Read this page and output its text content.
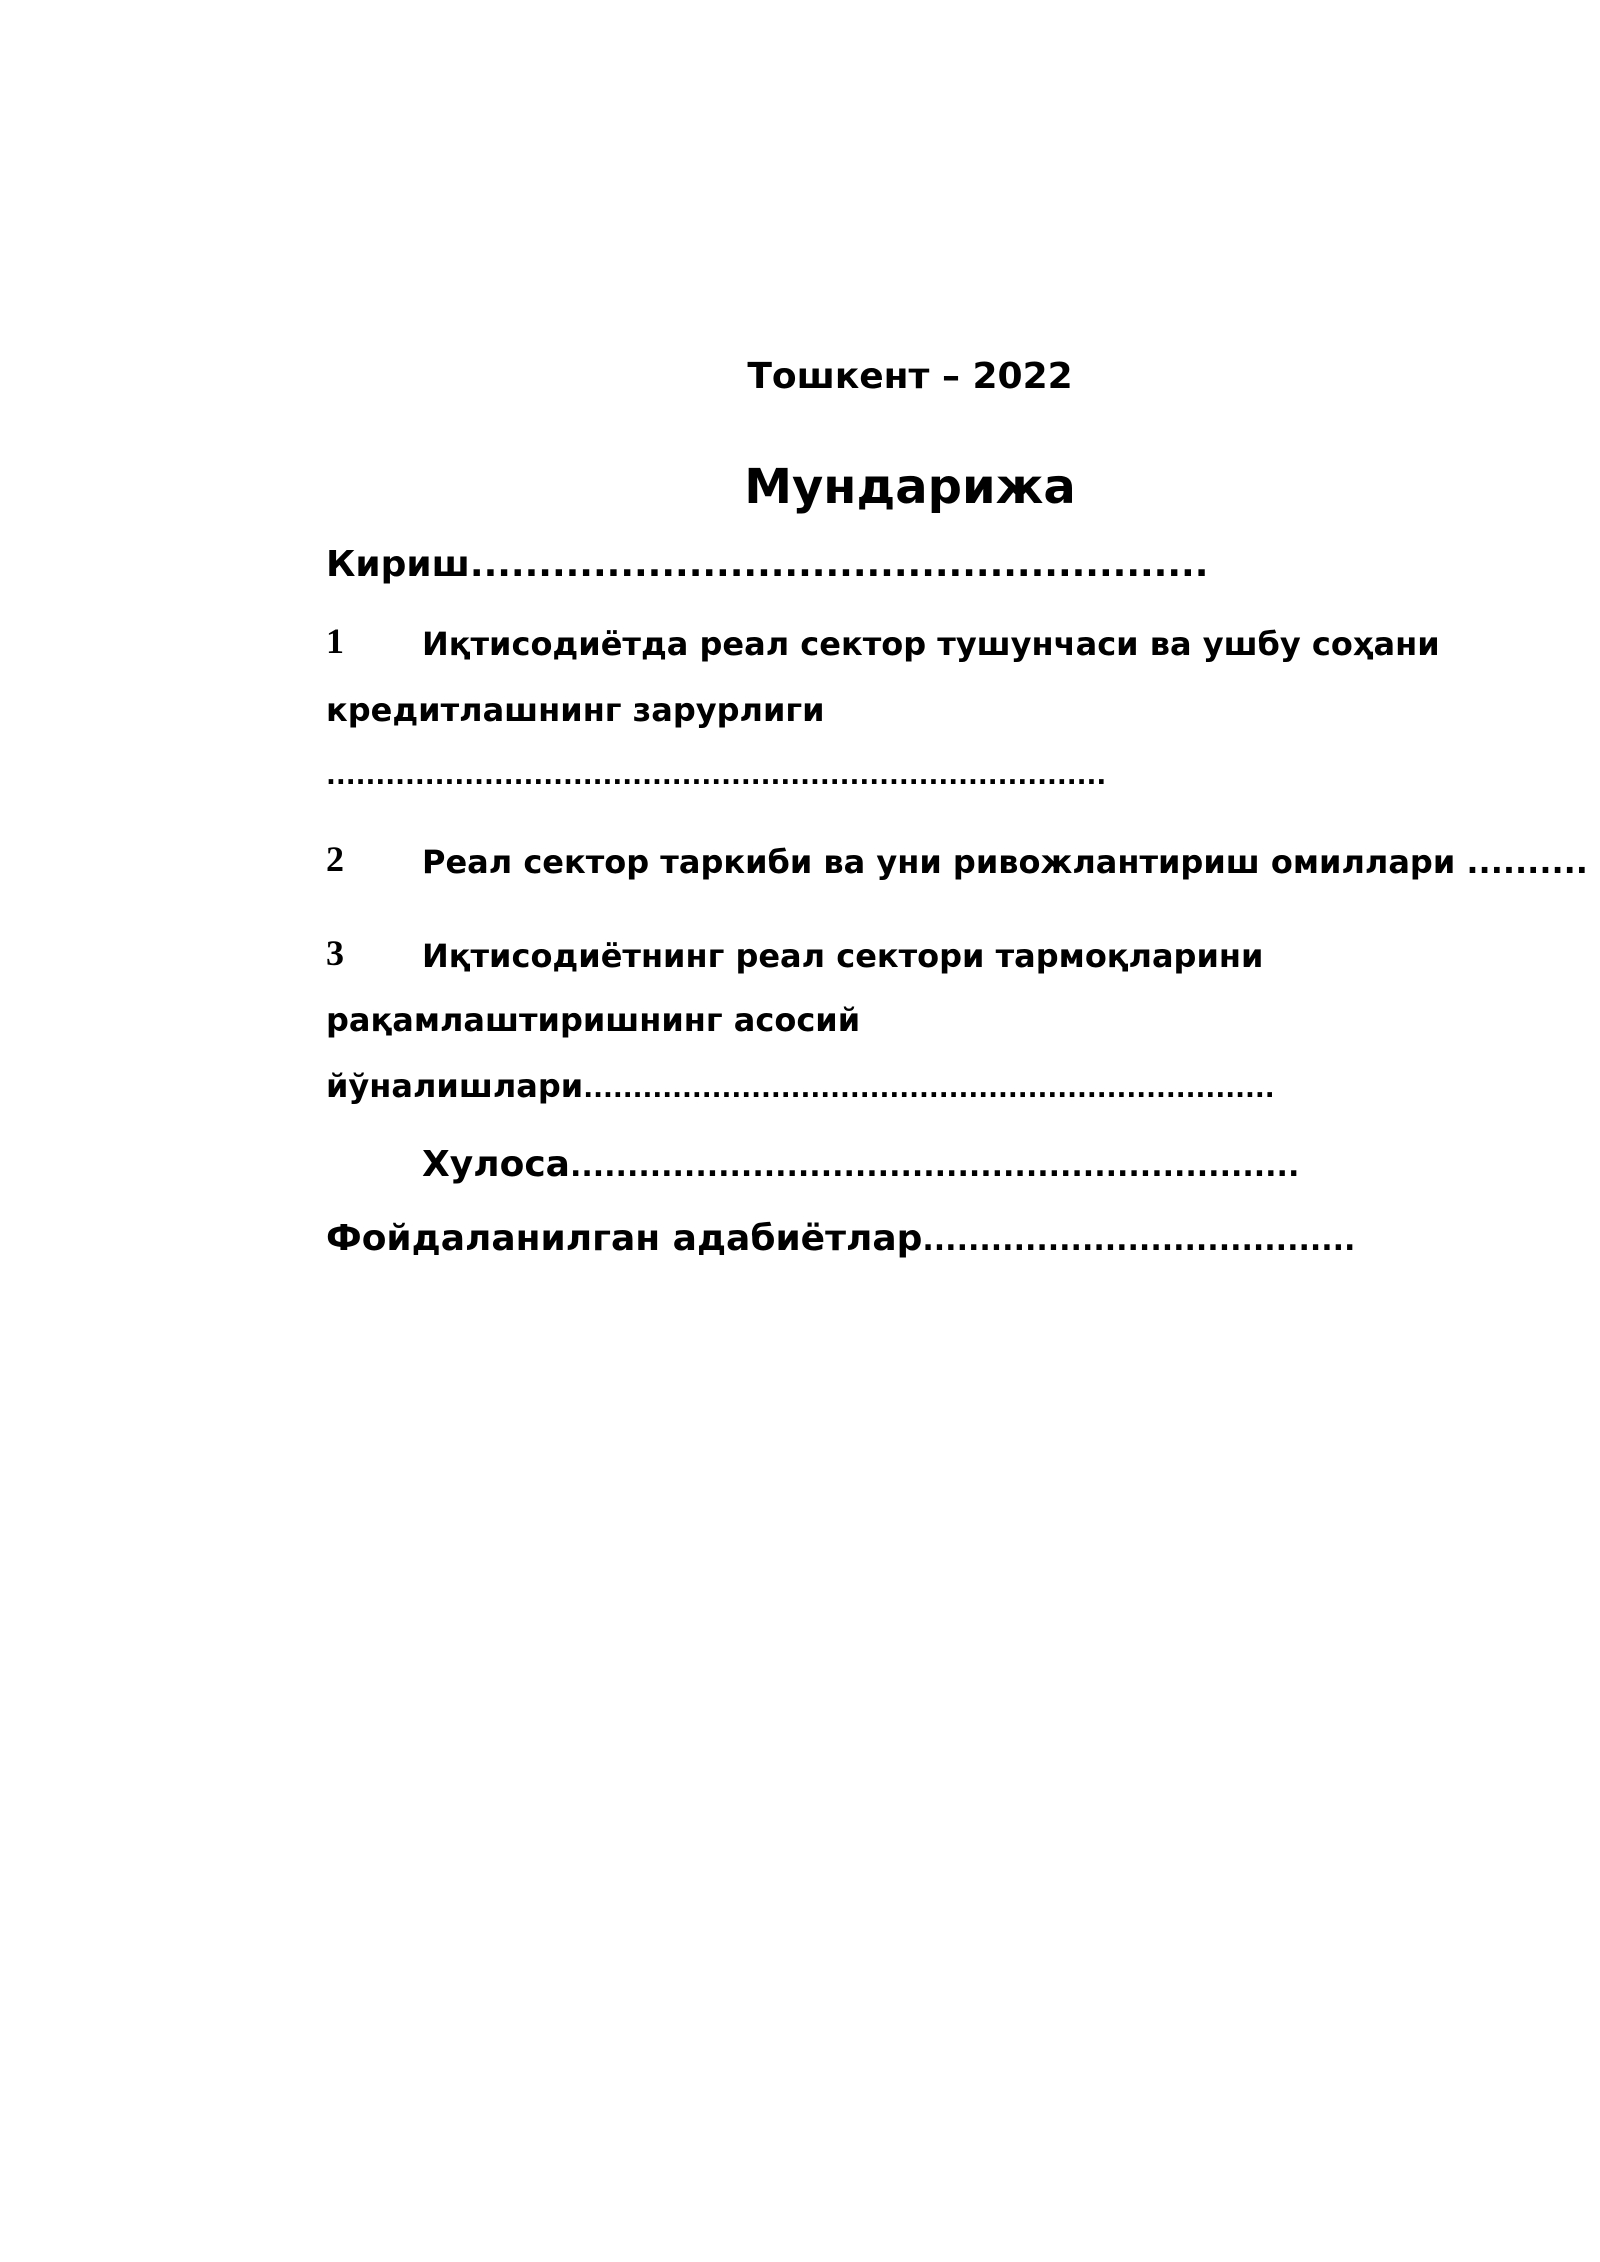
Тошкент – 2022
Мундарижа
Кириш......................................................
1 Иқтисодиётда реал сектор тушунчаси ва ушбу соҳани
кредитлашнинг зарурлиги
...............................................................................
2 Реал сектор таркиби ва уни ривожлантириш омиллари ..........
3 Иқтисодиётнинг реал сектори тармоқларини
рақамлаштиришнинг асосий
йўналишлари......................................................................
Хулоса................................................................
Фойдаланилган адабиётлар......................................
